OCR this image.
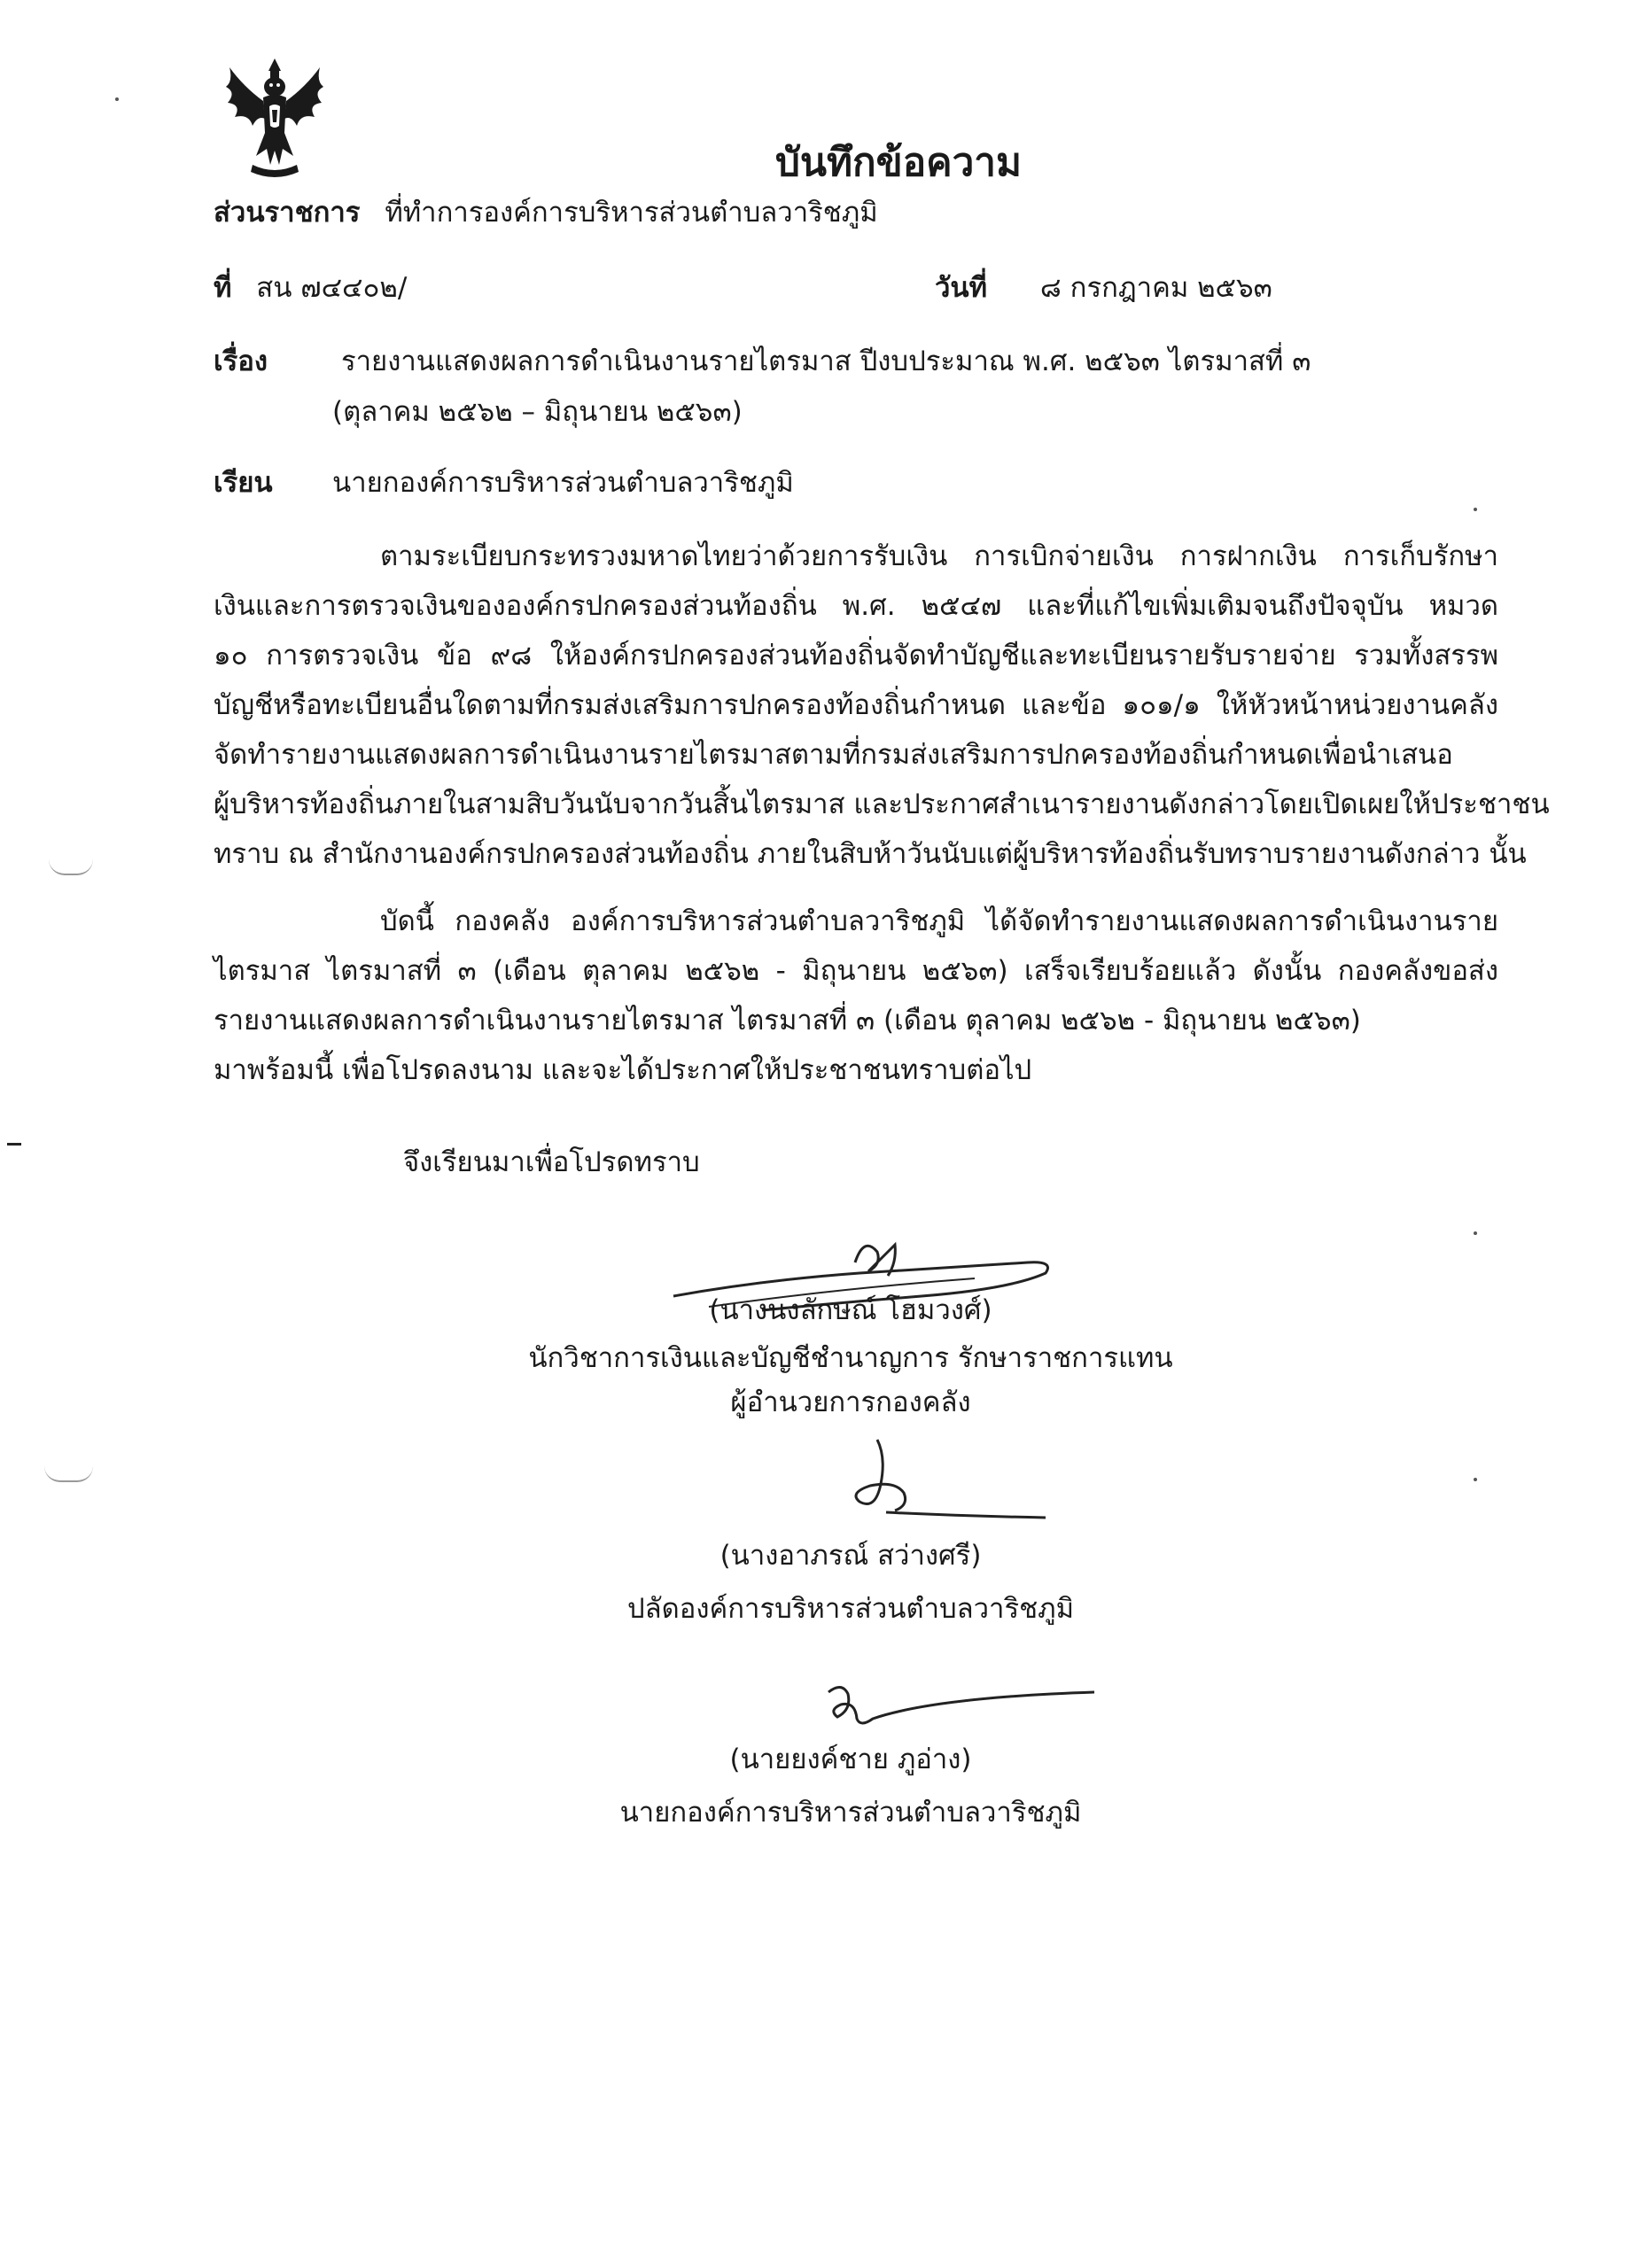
บันทึกข้อความ
ส่วนราชการ ที่ทำการองค์การบริหารส่วนตำบลวาริชภูมิ
ที่ สน ๗๔๔๐๒/	วันที่ ๘ กรกฎาคม ๒๕๖๓
เรื่อง	รายงานแสดงผลการดำเนินงานรายไตรมาส ปีงบประมาณ พ.ศ. ๒๕๖๓ ไตรมาสที่ ๓
(ตุลาคม ๒๕๖๒ – มิถุนายน ๒๕๖๓)
เรียน นายกองค์การบริหารส่วนตำบลวาริชภูมิ
ตามระเบียบกระทรวงมหาดไทยว่าด้วยการรับเงิน การเบิกจ่ายเงิน การฝากเงิน การเก็บรักษา
เงินและการตรวจเงินขององค์กรปกครองส่วนท้องถิ่น พ.ศ. ๒๕๔๗ และที่แก้ไขเพิ่มเติมจนถึงปัจจุบัน หมวด
๑๐ การตรวจเงิน ข้อ ๙๘ ให้องค์กรปกครองส่วนท้องถิ่นจัดทำบัญชีและทะเบียนรายรับรายจ่าย รวมทั้งสรรพ
บัญชีหรือทะเบียนอื่นใดตามที่กรมส่งเสริมการปกครองท้องถิ่นกำหนด และข้อ ๑๐๑/๑ ให้หัวหน้าหน่วยงานคลัง
จัดทำรายงานแสดงผลการดำเนินงานรายไตรมาสตามที่กรมส่งเสริมการปกครองท้องถิ่นกำหนดเพื่อนำเสนอ
ผู้บริหารท้องถิ่นภายในสามสิบวันนับจากวันสิ้นไตรมาส และประกาศสำเนารายงานดังกล่าวโดยเปิดเผยให้ประชาชน
ทราบ ณ สำนักงานองค์กรปกครองส่วนท้องถิ่น ภายในสิบห้าวันนับแต่ผู้บริหารท้องถิ่นรับทราบรายงานดังกล่าว นั้น
บัดนี้ กองคลัง องค์การบริหารส่วนตำบลวาริชภูมิ ได้จัดทำรายงานแสดงผลการดำเนินงานราย
ไตรมาส ไตรมาสที่ ๓ (เดือน ตุลาคม ๒๕๖๒ - มิถุนายน ๒๕๖๓) เสร็จเรียบร้อยแล้ว ดังนั้น กองคลังขอส่ง
รายงานแสดงผลการดำเนินงานรายไตรมาส ไตรมาสที่ ๓ (เดือน ตุลาคม ๒๕๖๒ - มิถุนายน ๒๕๖๓)
มาพร้อมนี้ เพื่อโปรดลงนาม และจะได้ประกาศให้ประชาชนทราบต่อไป
จึงเรียนมาเพื่อโปรดทราบ
(นางนงลักษณ์ โฮมวงศ์)
นักวิชาการเงินและบัญชีชำนาญการ รักษาราชการแทน
ผู้อำนวยการกองคลัง
(นางอาภรณ์ สว่างศรี)
ปลัดองค์การบริหารส่วนตำบลวาริชภูมิ
(นายยงค์ชาย ภูอ่าง)
นายกองค์การบริหารส่วนตำบลวาริชภูมิ
